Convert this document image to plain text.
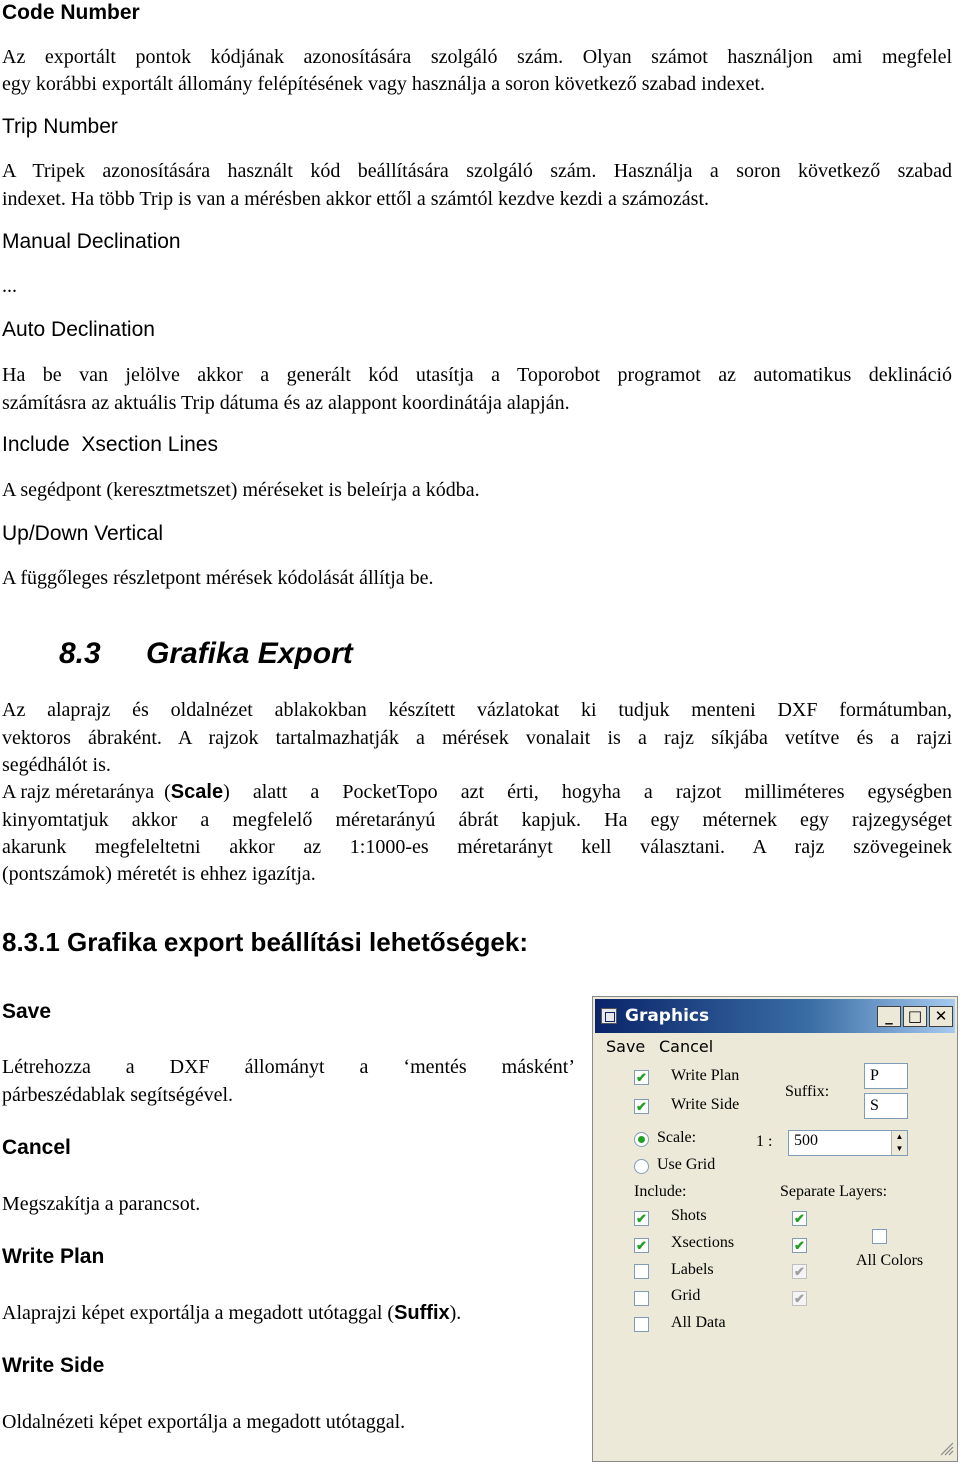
Code Number
Az exportált pontok kódjának azonosítására szolgáló szám. Olyan számot használjon ami megfelel
egy korábbi exportált állomány felépítésének vagy használja a soron következő szabad indexet.
Trip Number
A Tripek azonosítására használt kód beállítására szolgáló szám. Használja a soron következő szabad
indexet. Ha több Trip is van a mérésben akkor ettől a számtól kezdve kezdi a számozást.
Manual Declination
...
Auto Declination
Ha be van jelölve akkor a generált kód utasítja a Toporobot programot az automatikus deklináció
számításra az aktuális Trip dátuma és az alappont koordinátája alapján.
Include  Xsection Lines
A segédpont (keresztmetszet) méréseket is beleírja a kódba.
Up/Down Vertical
A függőleges részletpont mérések kódolását állítja be.
8.3 Grafika Export
Az alaprajz és oldalnézet ablakokban készített vázlatokat ki tudjuk menteni DXF formátumban,
vektoros ábraként. A rajzok tartalmazhatják a mérések vonalait is a rajz síkjába vetítve és a rajzi
segédhálót is.
A rajz méretaránya  ( Scale ) alatt a PocketTopo azt érti, hogyha a rajzot milliméteres egységben
kinyomtatjuk akkor a megfelelő méretarányú ábrát kapjuk. Ha egy méternek egy rajzegységet
akarunk megfeleltetni akkor az 1:1000-es méretarányt kell választani. A rajz szövegeinek
(pontszámok) méretét is ehhez igazítja.
8.3.1 Grafika export beállítási lehetőségek:
Save
Létrehozza  a  DXF  állományt  a  ‘mentés  másként’
párbeszédablak segítségével.
Cancel
Megszakítja a parancsot.
Write Plan
Alaprajzi képet exportálja a megadott utótaggal (Suffix).
Write Side
Oldalnézeti képet exportálja a megadott utótaggal.
Graphics	_	□ ✕
Save Cancel
✔ Write Plan
✔ Write Side
Suffix:
P
S
Scale:	1 : 500	▲
▼
Use Grid
Include:	Separate Layers:
✔ Shots	✔
✔ Xsections	✔
Labels	✔
Grid	✔
All Data
All Colors
